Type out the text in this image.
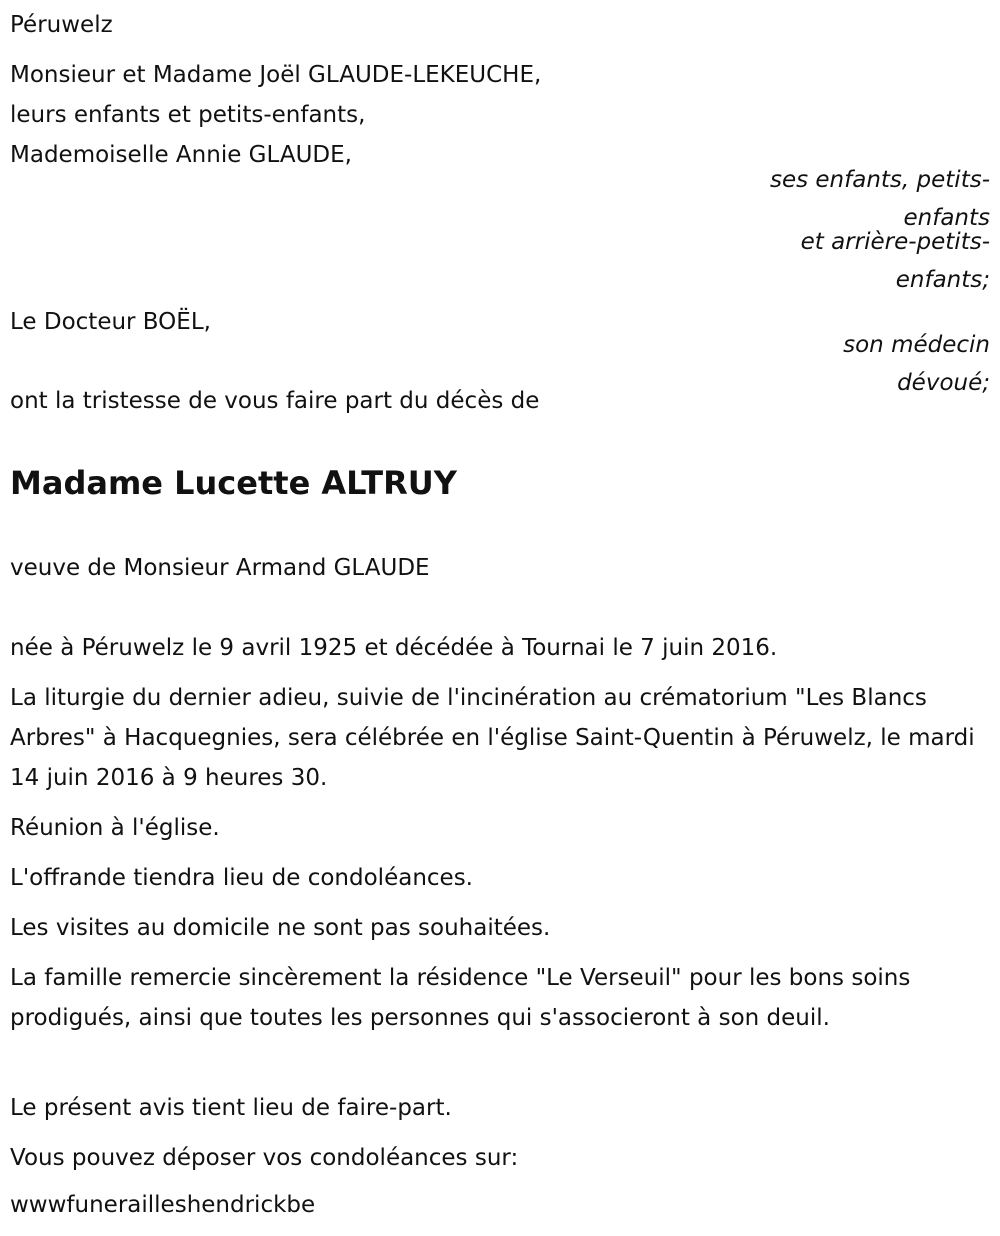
Péruwelz
Monsieur et Madame Joël GLAUDE-LEKEUCHE,
leurs enfants et petits-enfants,
Mademoiselle Annie GLAUDE,
ses enfants, petits-
enfants
et arrière-petits-
enfants;
Le Docteur BOËL,
son médecin
dévoué;
ont la tristesse de vous faire part du décès de
Madame Lucette ALTRUY
veuve de Monsieur Armand GLAUDE
née à Péruwelz le 9 avril 1925 et décédée à Tournai le 7 juin 2016.
La liturgie du dernier adieu, suivie de l'incinération au crématorium "Les Blancs Arbres" à Hacquegnies, sera célébrée en l'église Saint-Quentin à Péruwelz, le mardi 14 juin 2016 à 9 heures 30.
Réunion à l'église.
L'offrande tiendra lieu de condoléances.
Les visites au domicile ne sont pas souhaitées.
La famille remercie sincèrement la résidence "Le Verseuil" pour les bons soins prodigués, ainsi que toutes les personnes qui s'associeront à son deuil.
Le présent avis tient lieu de faire-part.
Vous pouvez déposer vos condoléances sur:
wwwfunerailleshendrickbe
